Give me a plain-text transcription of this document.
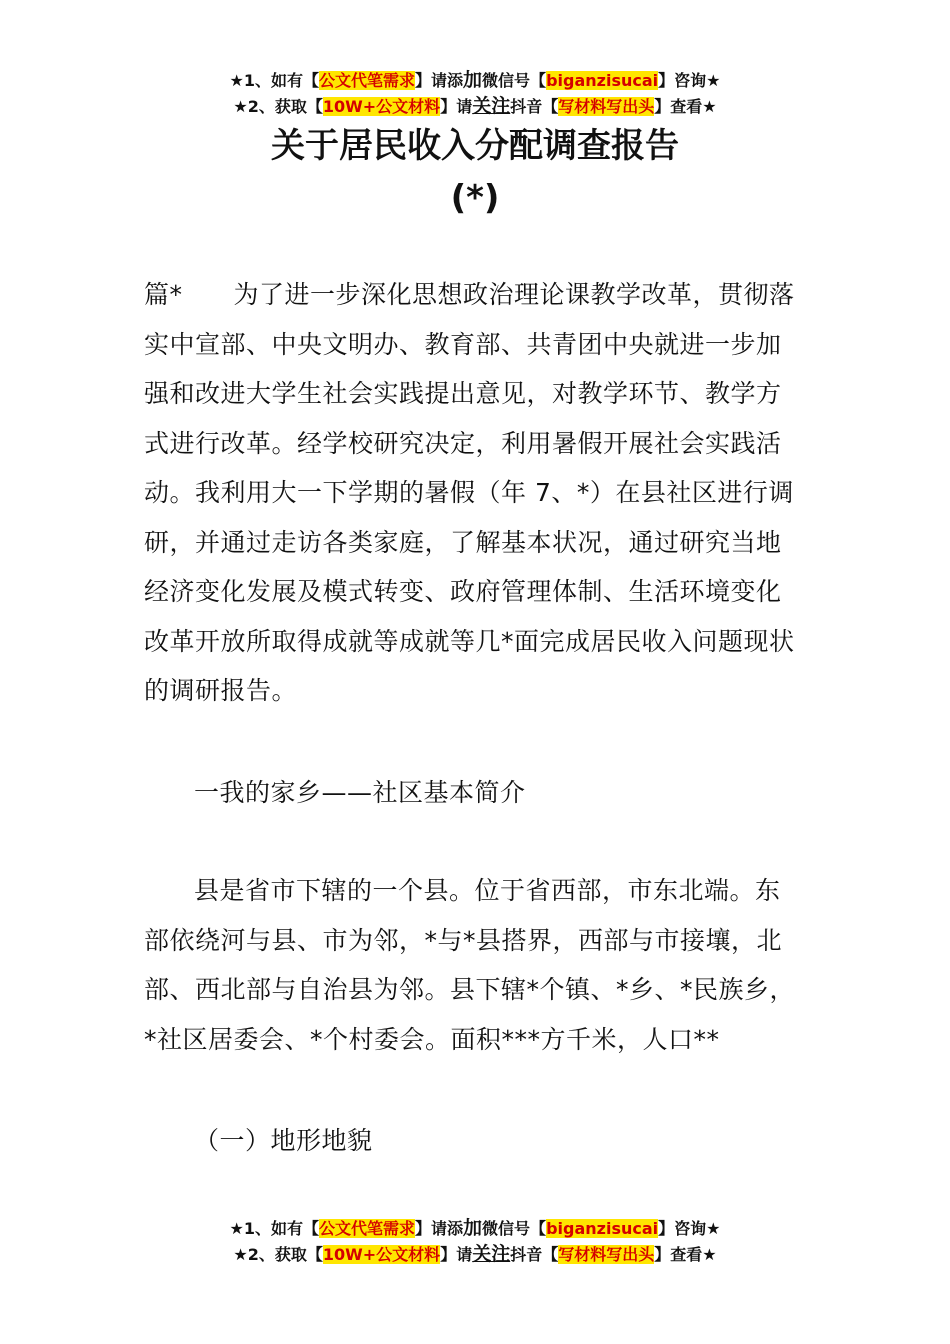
★1、如有【公文代笔需求】请添加微信号【biganzisucai】咨询★
★2、获取【10W+公文材料】请关注抖音【写材料写出头】查看★
关于居民收入分配调查报告
(*)
篇*　　为了进一步深化思想政治理论课教学改革，贯彻落
实中宣部、中央文明办、教育部、共青团中央就进一步加
强和改进大学生社会实践提出意见，对教学环节、教学方
式进行改革。经学校研究决定，利用暑假开展社会实践活
动。我利用大一下学期的暑假（年 7、*）在县社区进行调
研，并通过走访各类家庭，了解基本状况，通过研究当地
经济变化发展及模式转变、政府管理体制、生活环境变化
改革开放所取得成就等成就等几*面完成居民收入问题现状
的调研报告。
一我的家乡——社区基本简介
县是省市下辖的一个县。位于省西部，市东北端。东
部依绕河与县、市为邻，*与*县搭界，西部与市接壤，北
部、西北部与自治县为邻。县下辖*个镇、*乡、*民族乡，
*社区居委会、*个村委会。面积***方千米，人口**
（一）地形地貌
★1、如有【公文代笔需求】请添加微信号【biganzisucai】咨询★
★2、获取【10W+公文材料】请关注抖音【写材料写出头】查看★
